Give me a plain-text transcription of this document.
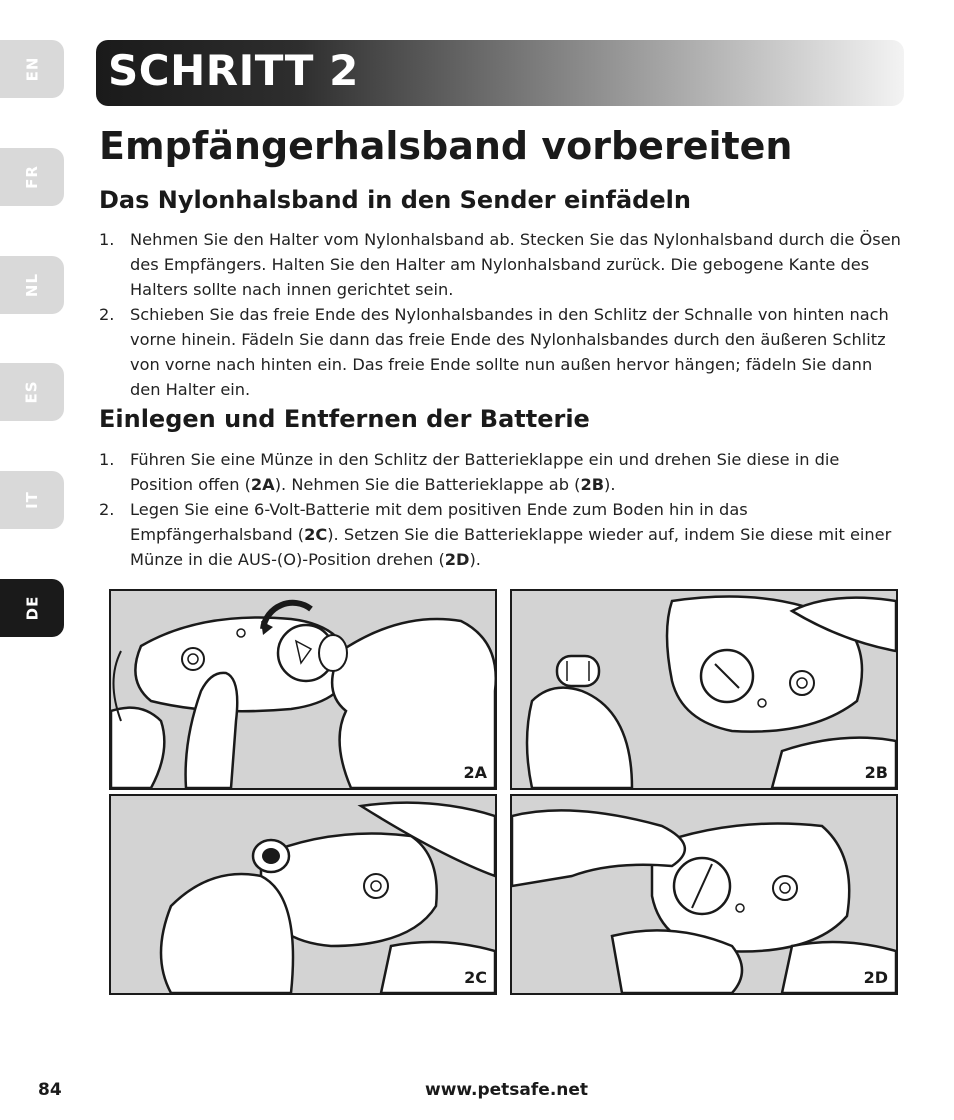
EN
FR
NL
ES
IT
DE
SCHRITT 2
Empfängerhalsband vorbereiten
Das Nylonhalsband in den Sender einfädeln
1. Nehmen Sie den Halter vom Nylonhalsband ab. Stecken Sie das Nylonhalsband durch die Ösen des Empfängers. Halten Sie den Halter am Nylonhalsband zurück. Die gebogene Kante des Halters sollte nach innen gerichtet sein.
2. Schieben Sie das freie Ende des Nylonhalsbandes in den Schlitz der Schnalle von hinten nach vorne hinein. Fädeln Sie dann das freie Ende des Nylonhalsbandes durch den äußeren Schlitz von vorne nach hinten ein. Das freie Ende sollte nun außen hervor hängen; fädeln Sie dann den Halter ein.
Einlegen und Entfernen der Batterie
1. Führen Sie eine Münze in den Schlitz der Batterieklappe ein und drehen Sie diese in die Position offen (2A). Nehmen Sie die Batterieklappe ab (2B).
2. Legen Sie eine 6-Volt-Batterie mit dem positiven Ende zum Boden hin in das Empfängerhalsband (2C). Setzen Sie die Batterieklappe wieder auf, indem Sie diese mit einer Münze in die AUS-(O)-Position drehen (2D).
2A	2B
2C	2D
84	www.petsafe.net
